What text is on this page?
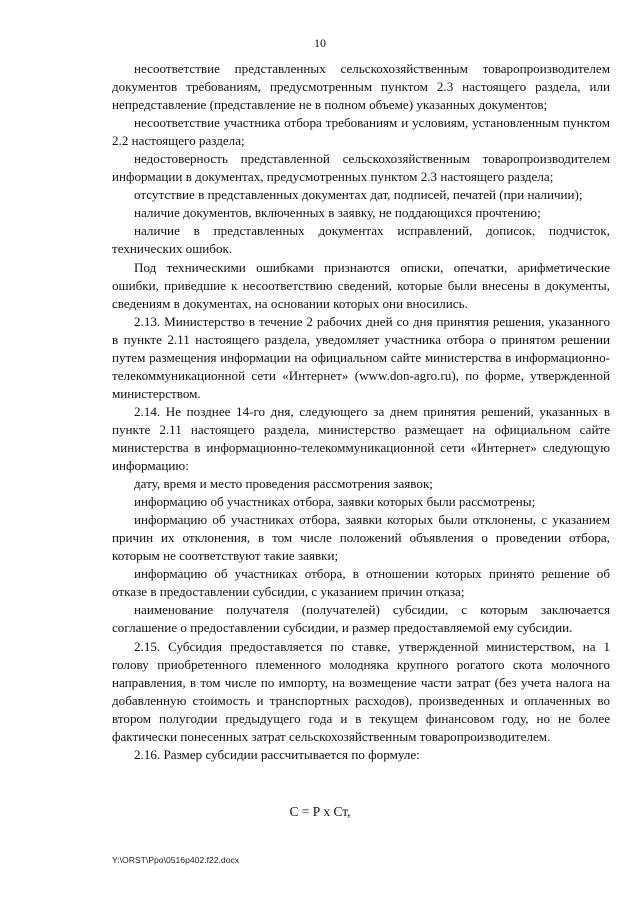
10

несоответствие представленных сельскохозяйственным товаропроизводителем документов требованиям, предусмотренным пунктом 2.3 настоящего раздела, или непредставление (представление не в полном объеме) указанных документов;

несоответствие участника отбора требованиям и условиям, установленным пунктом 2.2 настоящего раздела;

недостоверность представленной сельскохозяйственным товаропроизводителем информации в документах, предусмотренных пунктом 2.3 настоящего раздела;

отсутствие в представленных документах дат, подписей, печатей (при наличии);

наличие документов, включенных в заявку, не поддающихся прочтению;

наличие в представленных документах исправлений, дописок, подчисток, технических ошибок.

Под техническими ошибками признаются описки, опечатки, арифметические ошибки, приведшие к несоответствию сведений, которые были внесены в документы, сведениям в документах, на основании которых они вносились.

2.13. Министерство в течение 2 рабочих дней со дня принятия решения, указанного в пункте 2.11 настоящего раздела, уведомляет участника отбора о принятом решении путем размещения информации на официальном сайте министерства в информационно-телекоммуникационной сети «Интернет» (www.don-agro.ru), по форме, утвержденной министерством.

2.14. Не позднее 14-го дня, следующего за днем принятия решений, указанных в пункте 2.11 настоящего раздела, министерство размещает на официальном сайте министерства в информационно-телекоммуникационной сети «Интернет» следующую информацию:

дату, время и место проведения рассмотрения заявок;

информацию об участниках отбора, заявки которых были рассмотрены;

информацию об участниках отбора, заявки которых были отклонены, с указанием причин их отклонения, в том числе положений объявления о проведении отбора, которым не соответствуют такие заявки;

информацию об участниках отбора, в отношении которых принято решение об отказе в предоставлении субсидии, с указанием причин отказа;

наименование получателя (получателей) субсидии, с которым заключается соглашение о предоставлении субсидии, и размер предоставляемой ему субсидии.

2.15. Субсидия предоставляется по ставке, утвержденной министерством, на 1 голову приобретенного племенного молодняка крупного рогатого скота молочного направления, в том числе по импорту, на возмещение части затрат (без учета налога на добавленную стоимость и транспортных расходов), произведенных и оплаченных во втором полугодии предыдущего года и в текущем финансовом году, но не более фактически понесенных затрат сельскохозяйственным товаропроизводителем.

2.16. Размер субсидии рассчитывается по формуле:

С = Р х Ст,
Y:\ORST\Ppo\0516p402.f22.docx
